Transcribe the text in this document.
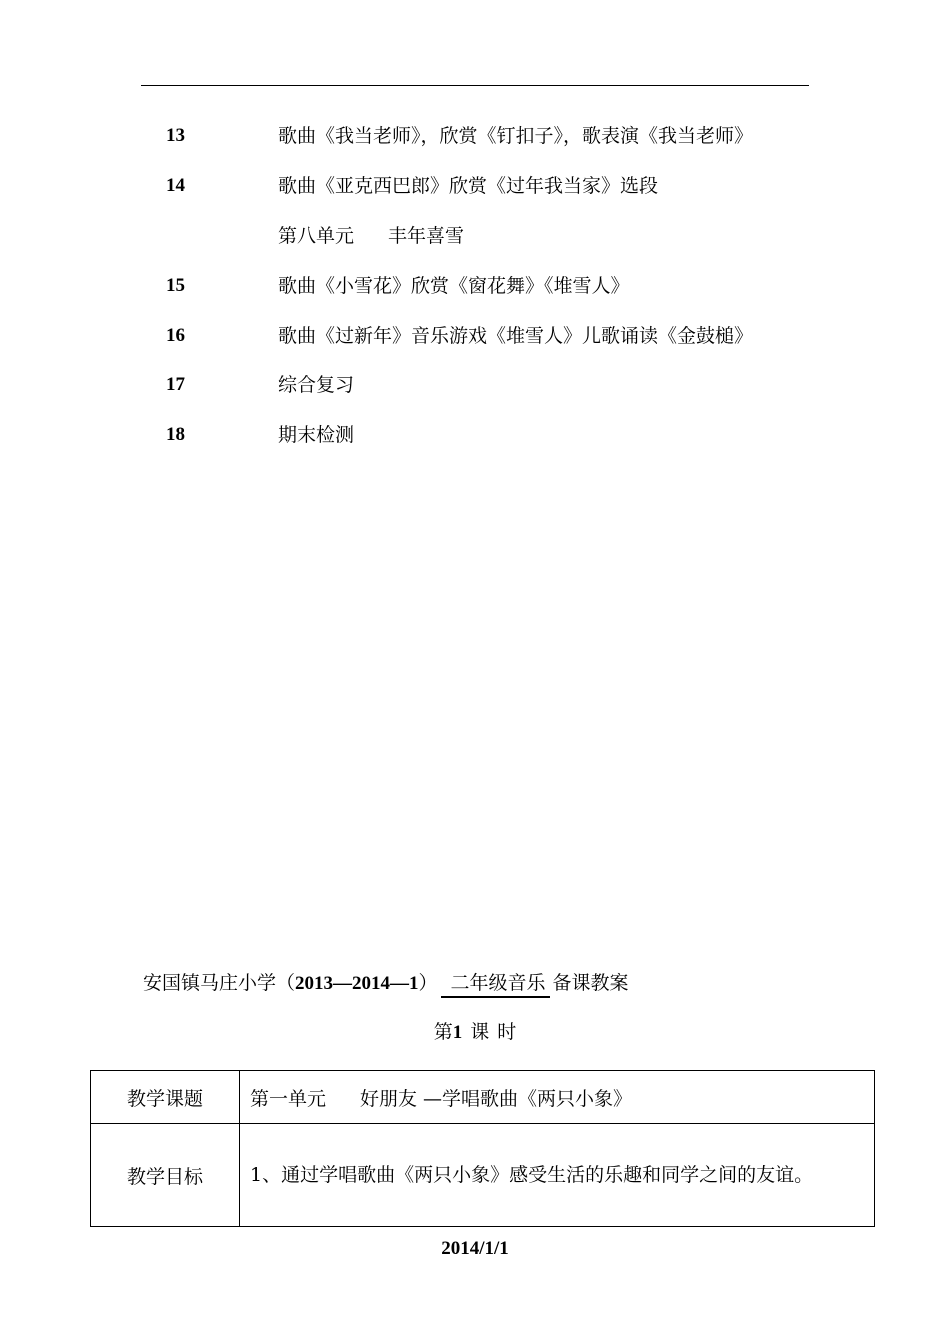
13	歌曲《我当老师》，欣赏《钉扣子》，歌表演《我当老师》
14	歌曲《亚克西巴郎》欣赏《过年我当家》选段
第八单元 丰年喜雪
15	歌曲《小雪花》欣赏《窗花舞》《堆雪人》
16	歌曲《过新年》音乐游戏《堆雪人》儿歌诵读《金鼓槌》
17	综合复习
18	期末检测
安国镇马庄小学（2013—2014—1） 二年级音乐 备课教案
第1 课 时
教学课题	第一单元 好朋友 —学唱歌曲《两只小象》
教学目标	1、通过学唱歌曲《两只小象》感受生活的乐趣和同学之间的友谊。
2014/1/1
